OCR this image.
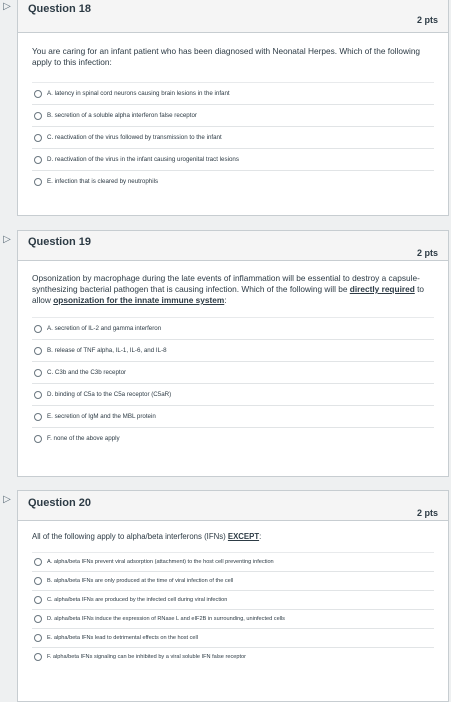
▷ Question 18
2 pts

You are caring for an infant patient who has been diagnosed with Neonatal Herpes. Which of the following apply to this infection:

A. latency in spinal cord neurons causing brain lesions in the infant
B. secretion of a soluble alpha interferon false receptor
C. reactivation of the virus followed by transmission to the infant
D. reactivation of the virus in the infant causing urogenital tract lesions
E. infection that is cleared by neutrophils
▷ Question 19
2 pts

Opsonization by macrophage during the late events of inflammation will be essential to destroy a capsule-synthesizing bacterial pathogen that is causing infection. Which of the following will be directly required to allow opsonization for the innate immune system:

A. secretion of IL-2 and gamma interferon
B. release of TNF alpha, IL-1, IL-6, and IL-8
C. C3b and the C3b receptor
D. binding of C5a to the C5a receptor (C5aR)
E. secretion of IgM and the MBL protein
F. none of the above apply
▷ Question 20
2 pts

All of the following apply to alpha/beta interferons (IFNs) EXCEPT:

A. alpha/beta IFNs prevent viral adsorption (attachment) to the host cell preventing infection
B. alpha/beta IFNs are only produced at the time of viral infection of the cell
C. alpha/beta IFNs are produced by the infected cell during viral infection
D. alpha/beta IFNs induce the expression of RNase L and eIF2B in surrounding, uninfected cells
E. alpha/beta IFNs lead to detrimental effects on the host cell
F. alpha/beta IFNs signaling can be inhibited by a viral soluble IFN false receptor
